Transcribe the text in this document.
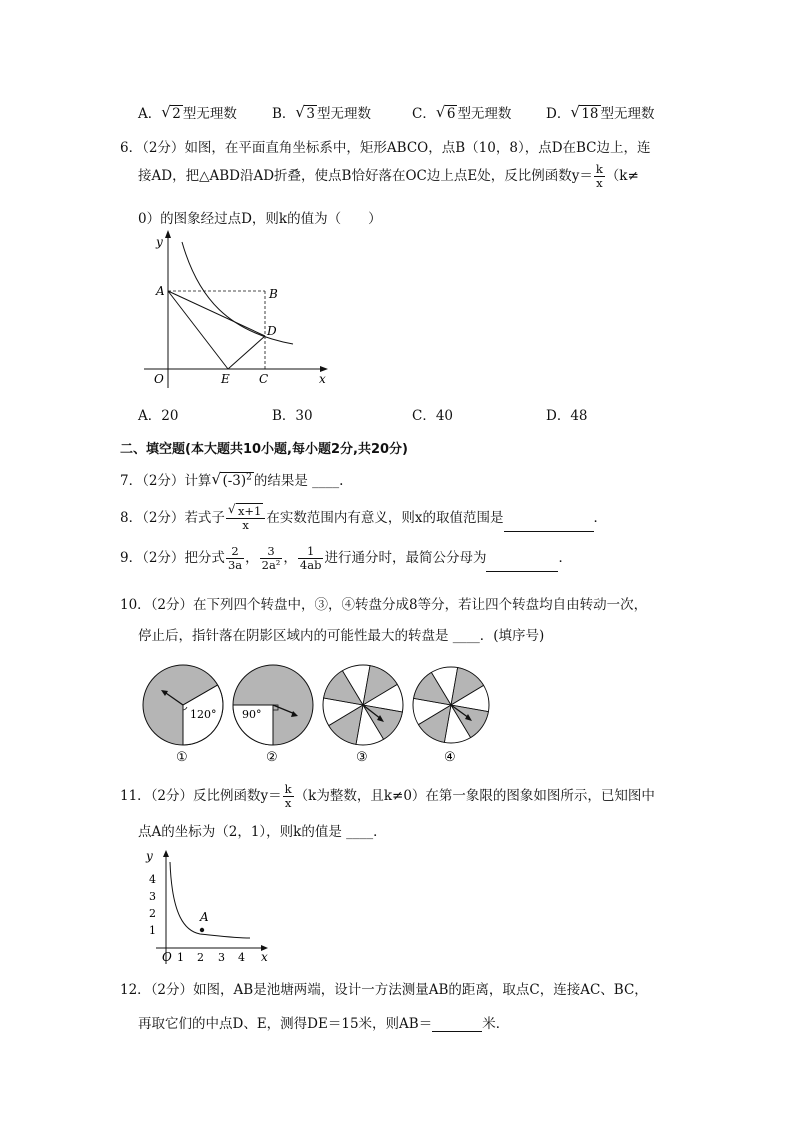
A． √ 2 型无理数	B． √ 3 型无理数	C． √ 6 型无理数	D． √ 18 型无理数
6．（2分）如图，在平面直角坐标系中，矩形ABCO，点B（10，8），点D在BC边上，连
接AD，把△ABD沿AD折叠，使点B恰好落在OC边上点E处，反比例函数$y= \frac{k}{x} (k\ne$
0）的图象经过点D，则k的值为（　　）
y
x
O
A	B
D
E C
A．20	B．30	C．40	D．48
二、填空题(本大题共10小题,每小题2分,共20分)
7．（2分）计算 √ $(-3)^2$ 的结果是 ____.
8．（2分）若式子 $\frac{√ x+1}{x}$ 在实数范围内有意义，则x的取值范围是	．
9．（2分）把分式 $\frac{2}{3a}$ ， $\frac{3}{\text{2a²}}$ ， $\frac{1}{4ab}$ 进行通分时，最简公分母为	．
10．（2分）在下列四个转盘中，③，④转盘分成8等分，若让四个转盘均自由转动一次，
停止后，指针落在阴影区域内的可能性最大的转盘是 ____．(填序号)
120°
①
90°
②	③	④
11．（2分）反比例函数$y= \frac{k}{x} (k$为整数，且k≠0）在第一象限的图象如图所示，已知图中
点A的坐标为（2，1），则k的值是 ____．
y
x
O 1 2 3 4
1
2
3
4
A
12．（2分）如图，AB是池塘两端，设计一方法测量AB的距离，取点C，连接AC、BC，
再取它们的中点D、E，测得DE＝15米，则AB＝	米．
